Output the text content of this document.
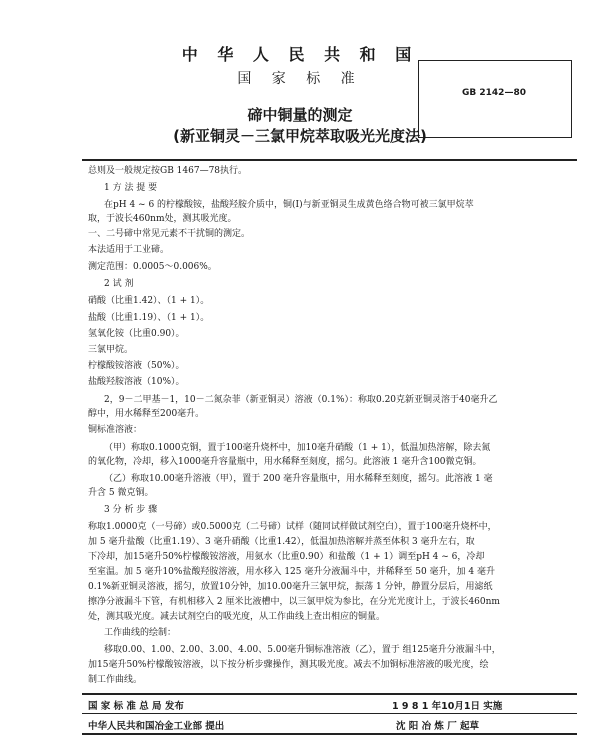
中 华 人 民 共 和 国
国 家 标 准
GB 2142—80
碲中铜量的测定
(新亚铜灵－三氯甲烷萃取吸光光度法)
总则及一般规定按GB 1467—78执行。
1 方 法 提 要
在pH 4 ~ 6 的柠檬酸铵，盐酸羟胺介质中，铜(Ⅰ)与新亚铜灵生成黄色络合物可被三氯甲烷萃
取，于波长460nm处，测其吸光度。
一、二号碲中常见元素不干扰铜的测定。
本法适用于工业碲。
测定范围：0.0005～0.006%。
2 试 剂
硝酸（比重1.42）、（1 + 1）。
盐酸（比重1.19）、（1 + 1）。
氢氧化铵（比重0.90）。
三氯甲烷。
柠檬酸铵溶液（50%）。
盐酸羟胺溶液（10%）。
2，9－二甲基－1，10－二氮杂菲（新亚铜灵）溶液（0.1%）：称取0.20克新亚铜灵溶于40毫升乙
醇中，用水稀释至200毫升。
铜标准溶液：
（甲）称取0.1000克铜，置于100毫升烧杯中，加10毫升硝酸（1 + 1），低温加热溶解，除去氮
的氧化物，冷却，移入1000毫升容量瓶中，用水稀释至刻度，摇匀。此溶液 1 毫升含100微克铜。
（乙）称取10.00毫升溶液（甲），置于 200 毫升容量瓶中，用水稀释至刻度，摇匀。此溶液 1 毫
升含 5 微克铜。
3 分 析 步 骤
称取1.0000克（一号碲）或0.5000克（二号碲）试样（随同试样做试剂空白），置于100毫升烧杯中，
加 5 毫升盐酸（比重1.19）、3 毫升硝酸（比重1.42），低温加热溶解并蒸至体积 3 毫升左右，取
下冷却，加15毫升50%柠檬酸铵溶液，用氨水（比重0.90）和盐酸（1 + 1）调至pH 4 ~ 6，冷却
至室温。加 5 毫升10%盐酸羟胺溶液，用水移入 125 毫升分液漏斗中，并稀释至 50 毫升，加 4 毫升
0.1%新亚铜灵溶液，摇匀，放置10分钟，加10.00毫升三氯甲烷，振荡 1 分钟，静置分层后，用滤纸
擦净分液漏斗下管，有机相移入 2 厘米比液槽中，以三氯甲烷为参比，在分光光度计上，于波长460nm
处，测其吸光度。减去试剂空白的吸光度，从工作曲线上查出相应的铜量。
工作曲线的绘制：
移取0.00、1.00、2.00、3.00、4.00、5.00毫升铜标准溶液（乙），置于 组125毫升分液漏斗中，
加15毫升50%柠檬酸铵溶液，以下按分析步骤操作，测其吸光度。减去不加铜标准溶液的吸光度，绘
制工作曲线。
国 家 标 准 总 局 发布	1 9 8 1 年10月1日 实施
中华人民共和国冶金工业部 提出	沈 阳 冶 炼 厂 起草
